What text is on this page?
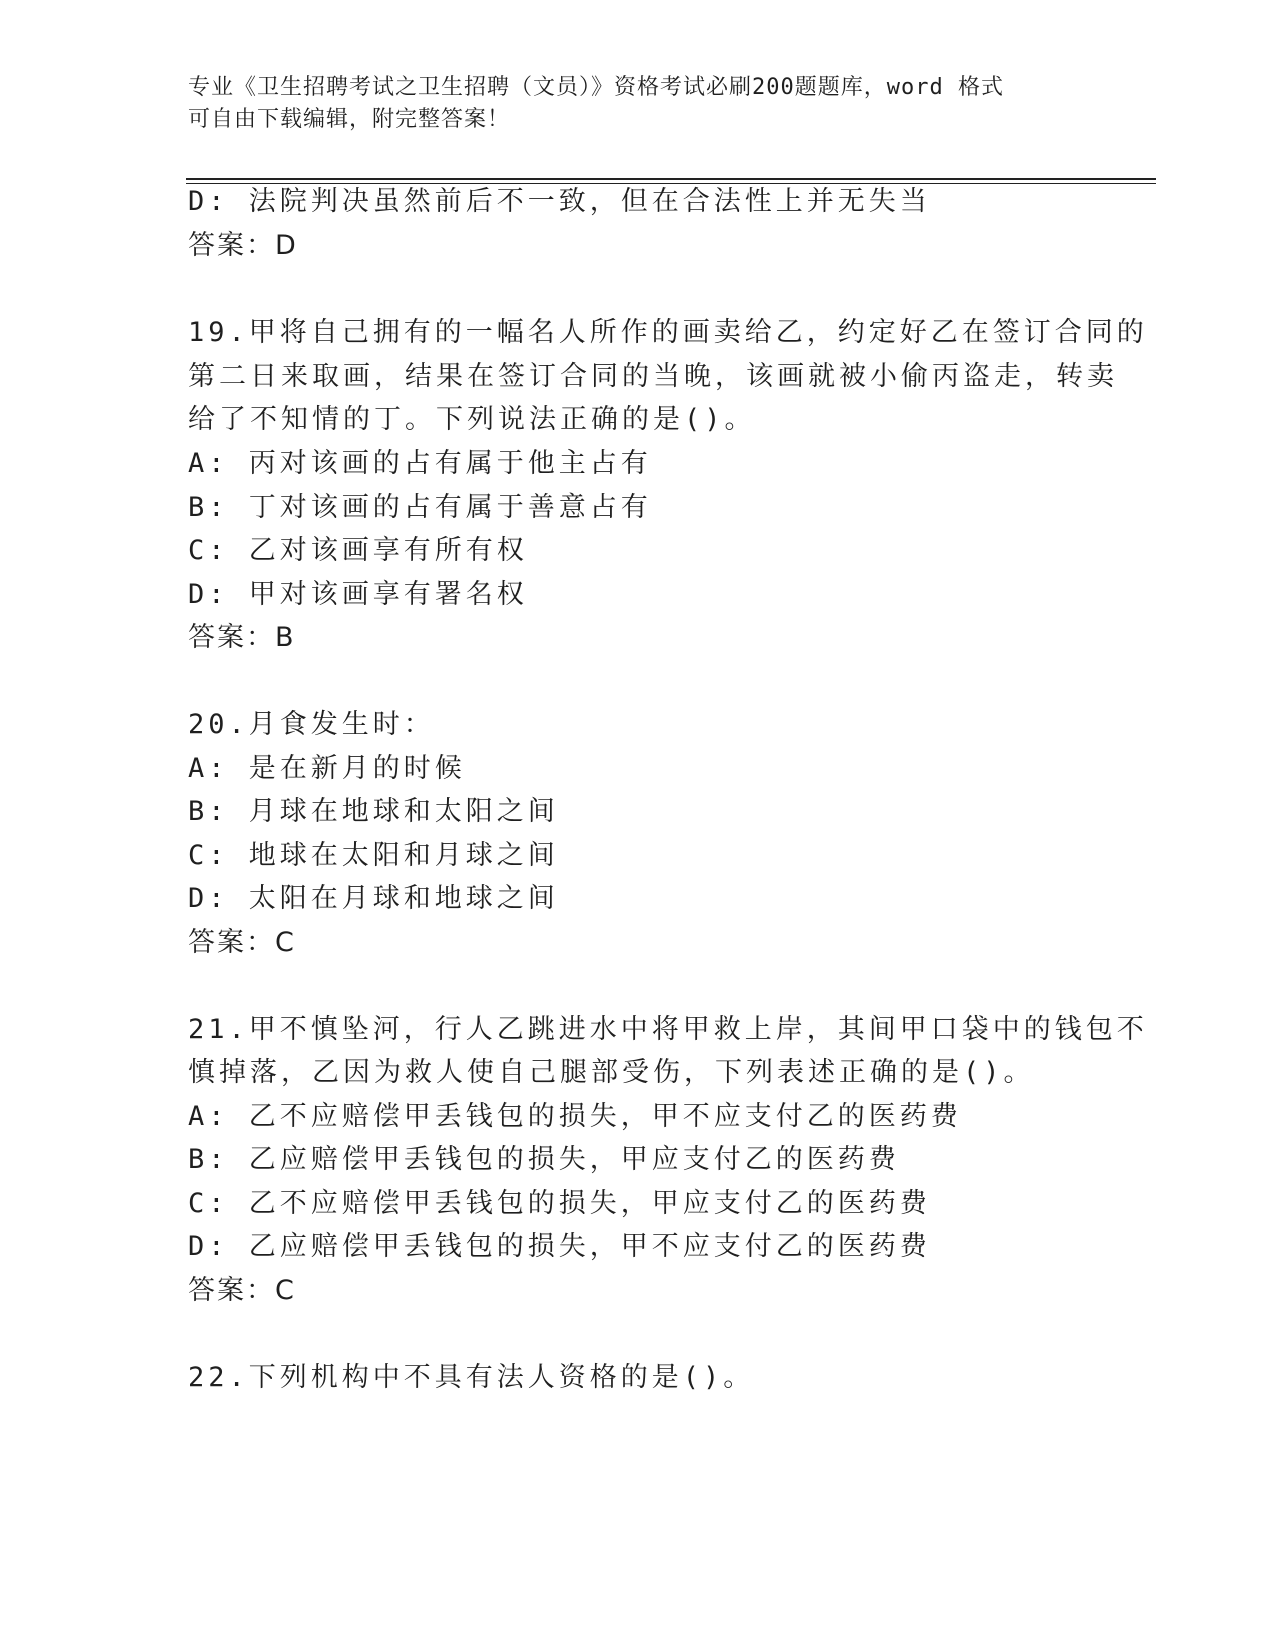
专业《卫生招聘考试之卫生招聘（文员）》资格考试必刷200题题库，word 格式
可自由下载编辑，附完整答案！
D: 法院判决虽然前后不一致，但在合法性上并无失当
答案：D
19.甲将自己拥有的一幅名人所作的画卖给乙，约定好乙在签订合同的
第二日来取画，结果在签订合同的当晚，该画就被小偷丙盗走，转卖
给了不知情的丁。下列说法正确的是()。
A: 丙对该画的占有属于他主占有
B: 丁对该画的占有属于善意占有
C: 乙对该画享有所有权
D: 甲对该画享有署名权
答案：B
20.月食发生时：
A: 是在新月的时候
B: 月球在地球和太阳之间
C: 地球在太阳和月球之间
D: 太阳在月球和地球之间
答案：C
21.甲不慎坠河，行人乙跳进水中将甲救上岸，其间甲口袋中的钱包不
慎掉落，乙因为救人使自己腿部受伤，下列表述正确的是()。
A: 乙不应赔偿甲丢钱包的损失，甲不应支付乙的医药费
B: 乙应赔偿甲丢钱包的损失，甲应支付乙的医药费
C: 乙不应赔偿甲丢钱包的损失，甲应支付乙的医药费
D: 乙应赔偿甲丢钱包的损失，甲不应支付乙的医药费
答案：C
22.下列机构中不具有法人资格的是()。
